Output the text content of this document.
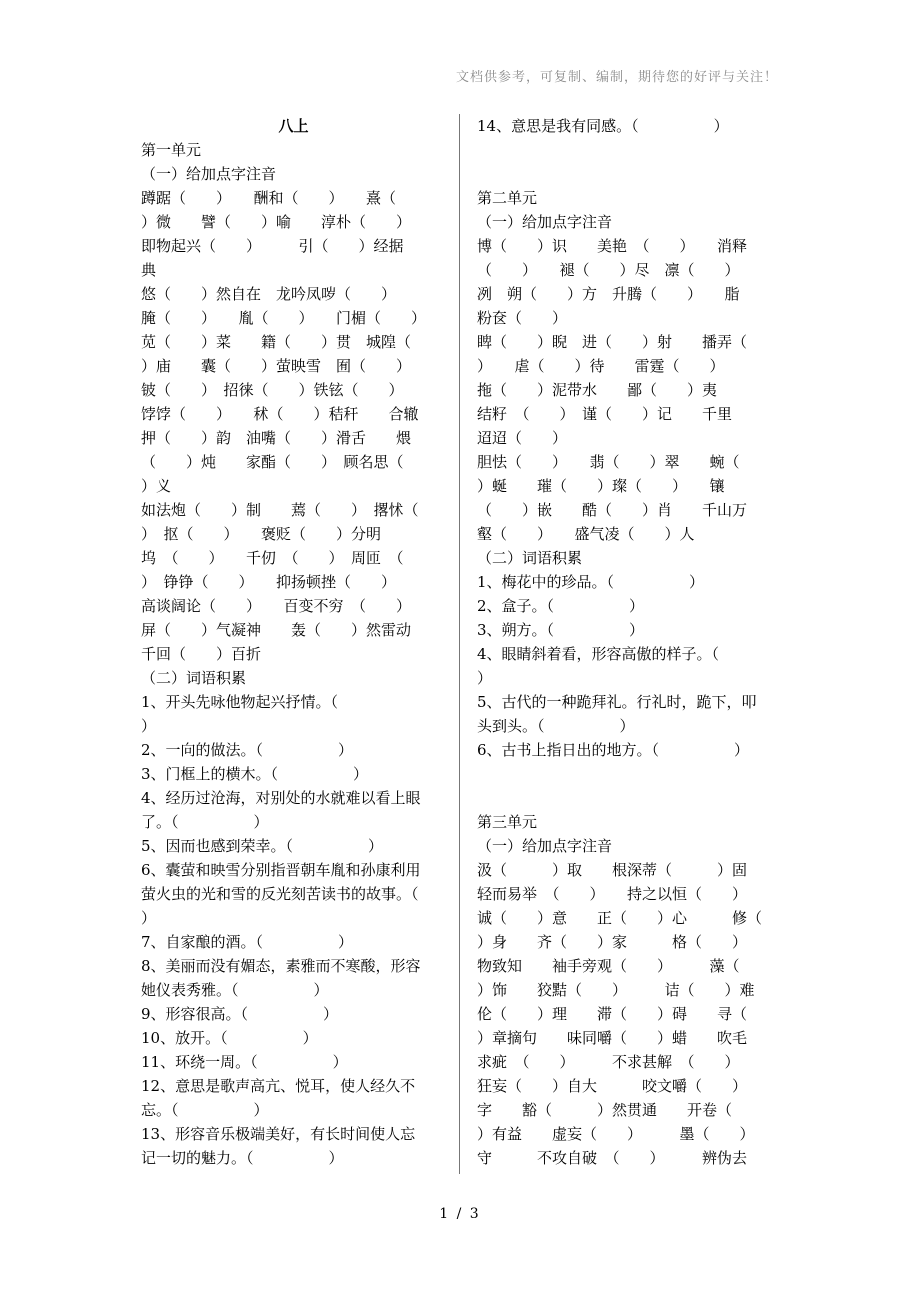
文档供参考，可复制、编制，期待您的好评与关注！
八上
第一单元
（一）给加点字注音
蹲踞（　　）　　酬和（　　）　　熹（
）微　　譬（　　）喻　　淳朴（　　）
即物起兴（　　）　　　引（　　）经据
典
悠（　　）然自在　龙吟凤哕（　　）
腌（　　）　　胤（　　）　　门楣（　　）
苋（　　）菜　　籍（　　）贯　城隍（
）庙　　囊（　　）萤映雪　囿（　　）
铍（　　）　招徕（　　）铁铉（　　）
饽饽（　　）　　秫（　　）秸秆　　合辙
押（　　）韵　油嘴（　　）滑舌　　煨
（　　）炖　　家酯（　　）　顾名思（
）义
如法炮（　　）制　　蔫（　　）　撂怵（
）　抠（　　）　　褒贬（　　）分明
坞　（　　）　　千仞　（　　）　周匝　（
）　铮铮（　　）　　抑扬顿挫（　　）
高谈阔论（　　）　　百变不穷　（　　）
屏（　　）气凝神　　轰（　　）然雷动
千回（　　）百折
（二）词语积累
1、开头先咏他物起兴抒情。（
）
2、一向的做法。（　　　　　）
3、门框上的横木。（　　　　　）
4、经历过沧海，对别处的水就难以看上眼
了。（　　　　　）
5、因而也感到荣幸。（　　　　　）
6、囊萤和映雪分别指晋朝车胤和孙康利用
萤火虫的光和雪的反光刻苦读书的故事。（
）
7、自家酿的酒。（　　　　　）
8、美丽而没有媚态，素雅而不寒酸，形容
她仪表秀雅。（　　　　　）
9、形容很高。（　　　　　）
10、放开。（　　　　　）
11、环绕一周。（　　　　　）
12、意思是歌声高亢、悦耳，使人经久不
忘。（　　　　　）
13、形容音乐极端美好，有长时间使人忘
记一切的魅力。（　　　　　）
14、意思是我有同感。（　　　　　）
第二单元
（一）给加点字注音
博（　　）识　　美艳　（　　）　　消释
（　　）　　褪（　　）尽　凛（　　）
冽　朔（　　）方　升腾（　　）　　脂
粉奁（　　）
睥（　　）睨　进（　　）射　　播弄（
）　　虐（　　）待　　雷霆（　　）
拖（　　）泥带水　　鄙（　　）夷
结籽　（　　）　谨（　　）记　　千里
迢迢（　　）
胆怯（　　）　　翡（　　）翠　　蜿（
）蜒　　璀（　　）璨（　　）　　镶
（　　）嵌　　酷（　　）肖　　千山万
壑（　　）　　盛气凌（　　）人
（二）词语积累
1、梅花中的珍品。（　　　　　）
2、盒子。（　　　　　）
3、朔方。（　　　　　）
4、眼睛斜着看，形容高傲的样子。（
）
5、古代的一种跪拜礼。行礼时，跪下，叩
头到头。（　　　　　）
6、古书上指日出的地方。（　　　　　）
第三单元
（一）给加点字注音
汲（　　　）取　　根深蒂（　　　）固
轻而易举　（　　）　　持之以恒（　　）
诚（　　）意　　正（　　）心　　　修（
）身　　齐（　　）家　　　格（　　）
物致知　　袖手旁观（　　）　　　藻（
）饰　　狡黠（　　）　　　诘（　　）难
伦（　　）理　　滞（　　）碍　　寻（
）章摘句　　味同嚼（　　）蜡　　吹毛
求疵　（　　）　　　不求甚解　（　　）
狂妄（　　）自大　　　咬文嚼（　　）
字　　豁（　　　）然贯通　　开卷（
）有益　　虚妄（　　）　　　墨（　　）
守　　　不攻自破　（　　）　　　辨伪去
1 / 3
